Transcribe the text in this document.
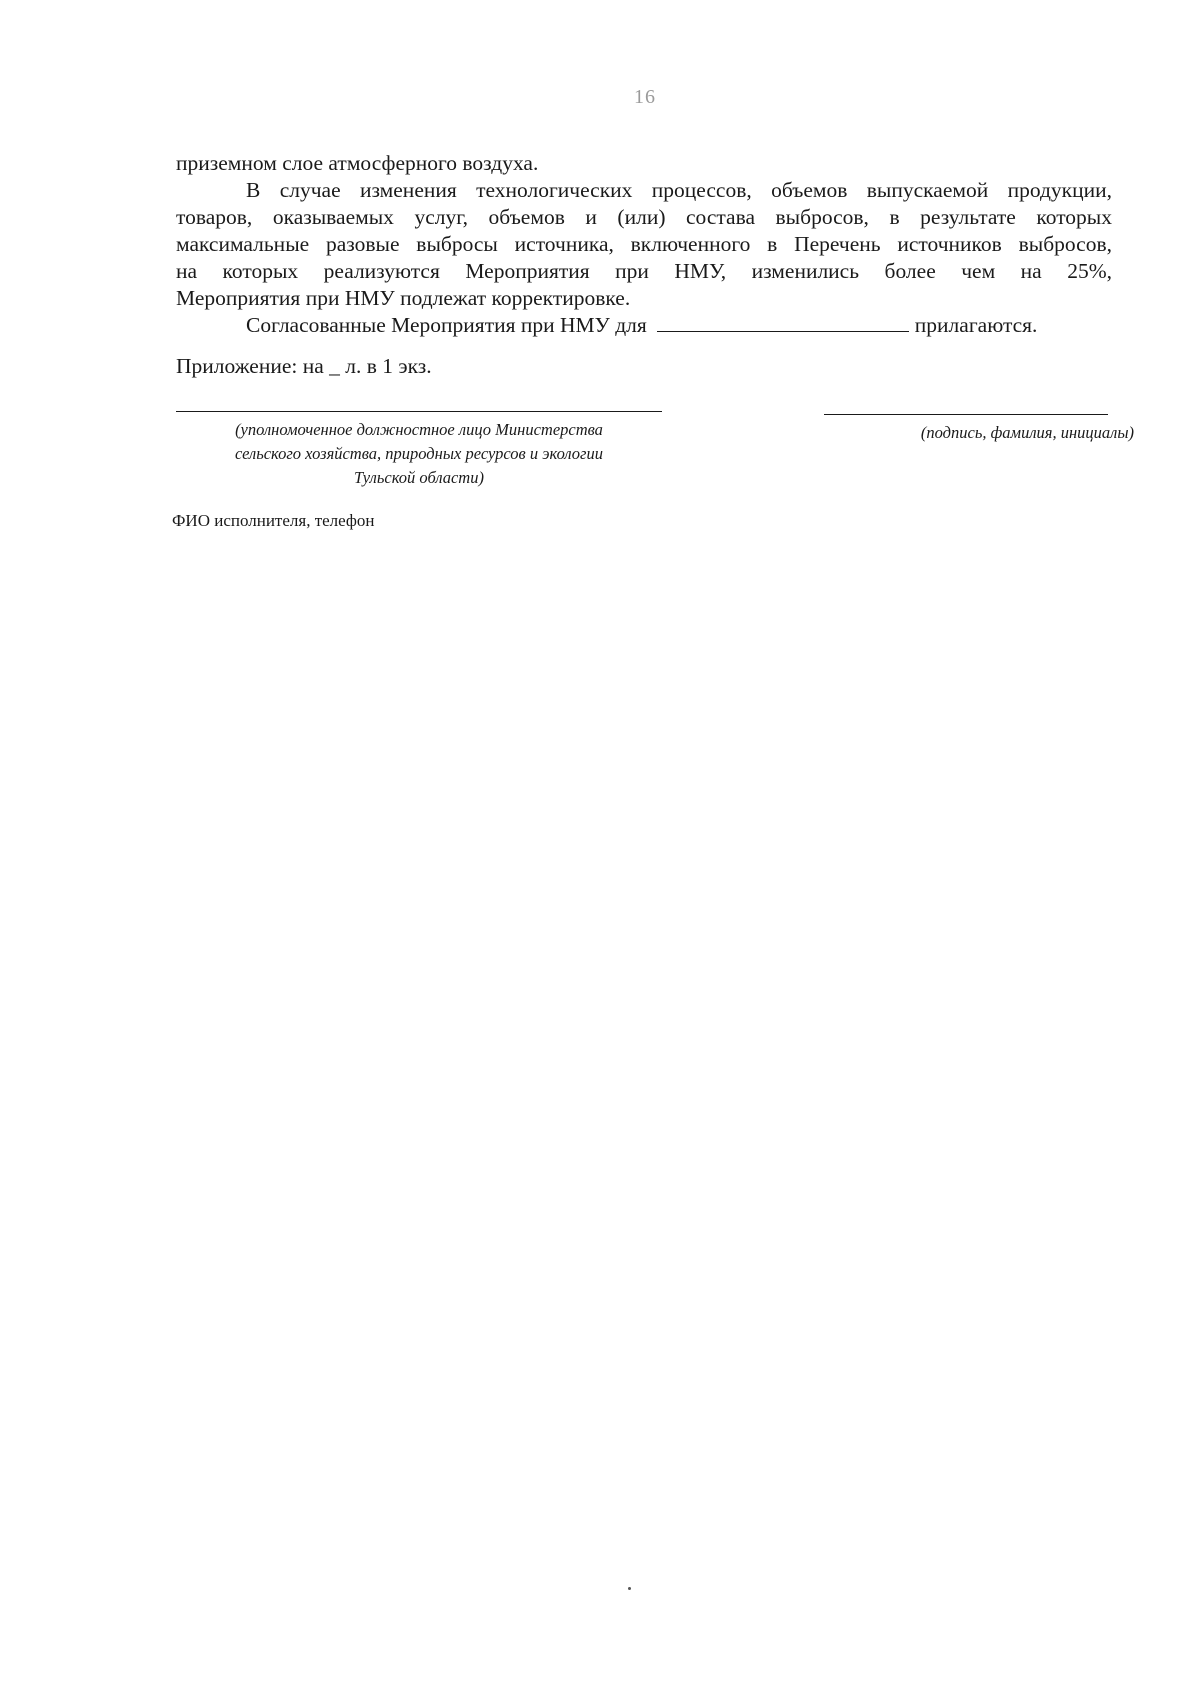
16
приземном слое атмосферного воздуха.
В случае изменения технологических процессов, объемов выпускаемой продукции,
товаров, оказываемых услуг, объемов и (или) состава выбросов, в результате которых
максимальные разовые выбросы источника, включенного в Перечень источников выбросов,
на которых реализуются Мероприятия при НМУ, изменились более чем на 25%,
Мероприятия при НМУ подлежат корректировке.
Согласованные Мероприятия при НМУ для	прилагаются.
Приложение: на _ л. в 1 экз.
(уполномоченное должностное лицо Министерства
сельского хозяйства, природных ресурсов и экологии
Тульской области)
(подпись, фамилия, инициалы)
ФИО исполнителя, телефон
